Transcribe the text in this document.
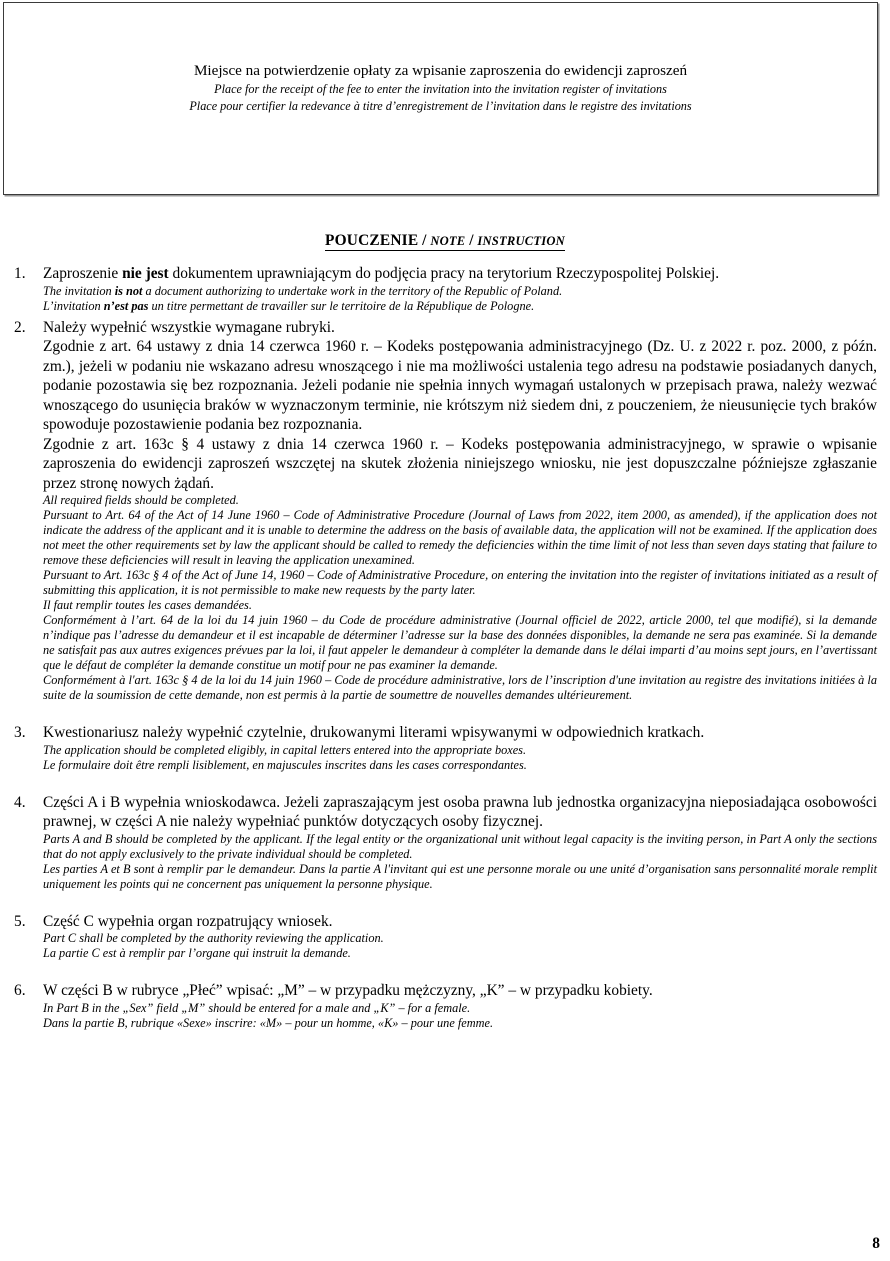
Miejsce na potwierdzenie opłaty za wpisanie zaproszenia do ewidencji zaproszeń
Place for the receipt of the fee to enter the invitation into the invitation register of invitations
Place pour certifier la redevance à titre d’enregistrement de l’invitation dans le registre des invitations
POUCZENIE / NOTE / INSTRUCTION
1.	Zaproszenie nie jest dokumentem uprawniającym do podjęcia pracy na terytorium Rzeczypospolitej Polskiej.
The invitation is not a document authorizing to undertake work in the territory of the Republic of Poland.
L’invitation n’est pas un titre permettant de travailler sur le territoire de la République de Pologne.
2.	Należy wypełnić wszystkie wymagane rubryki.
Zgodnie z art. 64 ustawy z dnia 14 czerwca 1960 r. – Kodeks postępowania administracyjnego (Dz. U. z 2022 r. poz. 2000, z późn. zm.), jeżeli w podaniu nie wskazano adresu wnoszącego i nie ma możliwości ustalenia tego adresu na podstawie posiadanych danych, podanie pozostawia się bez rozpoznania. Jeżeli podanie nie spełnia innych wymagań ustalonych w przepisach prawa, należy wezwać wnoszącego do usunięcia braków w wyznaczonym terminie, nie krótszym niż siedem dni, z pouczeniem, że nieusunięcie tych braków spowoduje pozostawienie podania bez rozpoznania.
Zgodnie z art. 163c § 4 ustawy z dnia 14 czerwca 1960 r. – Kodeks postępowania administracyjnego, w sprawie o wpisanie zaproszenia do ewidencji zaproszeń wszczętej na skutek złożenia niniejszego wniosku, nie jest dopuszczalne późniejsze zgłaszanie przez stronę nowych żądań.
All required fields should be completed.
Pursuant to Art. 64 of the Act of 14 June 1960 – Code of Administrative Procedure (Journal of Laws from 2022, item 2000, as amended), if the application does not indicate the address of the applicant and it is unable to determine the address on the basis of available data, the application will not be examined. If the application does not meet the other requirements set by law the applicant should be called to remedy the deficiencies within the time limit of not less than seven days stating that failure to remove these deficiencies will result in leaving the application unexamined.
Pursuant to Art. 163c § 4 of the Act of June 14, 1960 – Code of Administrative Procedure, on entering the invitation into the register of invitations initiated as a result of submitting this application, it is not permissible to make new requests by the party later.
Il faut remplir toutes les cases demandées.
Conformément à l’art. 64 de la loi du 14 juin 1960 – du Code de procédure administrative (Journal officiel de 2022, article 2000, tel que modifié), si la demande n’indique pas l’adresse du demandeur et il est incapable de déterminer l’adresse sur la base des données disponibles, la demande ne sera pas examinée. Si la demande ne satisfait pas aux autres exigences prévues par la loi, il faut appeler le demandeur à compléter la demande dans le délai imparti d’au moins sept jours, en l’avertissant que le défaut de compléter la demande constitue un motif pour ne pas examiner la demande.
Conformément à l'art. 163c § 4 de la loi du 14 juin 1960 – Code de procédure administrative, lors de l’inscription d'une invitation au registre des invitations initiées à la suite de la soumission de cette demande, non est permis à la partie de soumettre de nouvelles demandes ultérieurement.
3.	Kwestionariusz należy wypełnić czytelnie, drukowanymi literami wpisywanymi w odpowiednich kratkach.
The application should be completed eligibly, in capital letters entered into the appropriate boxes.
Le formulaire doit être rempli lisiblement, en majuscules inscrites dans les cases correspondantes.
4.	Części A i B wypełnia wnioskodawca. Jeżeli zapraszającym jest osoba prawna lub jednostka organizacyjna nieposiadająca osobowości prawnej, w części A nie należy wypełniać punktów dotyczących osoby fizycznej.
Parts A and B should be completed by the applicant. If the legal entity or the organizational unit without legal capacity is the inviting person, in Part A only the sections that do not apply exclusively to the private individual should be completed.
Les parties A et B sont à remplir par le demandeur. Dans la partie A l'invitant qui est une personne morale ou une unité d’organisation sans personnalité morale remplit uniquement les points qui ne concernent pas uniquement la personne physique.
5.	Część C wypełnia organ rozpatrujący wniosek.
Part C shall be completed by the authority reviewing the application.
La partie C est à remplir par l’organe qui instruit la demande.
6.	W części B w rubryce „Płeć” wpisać: „M” – w przypadku mężczyzny, „K” – w przypadku kobiety.
In Part B in the „Sex” field „M” should be entered for a male and „K” – for a female.
Dans la partie B, rubrique «Sexe» inscrire: «M» – pour un homme, «K» – pour une femme.
8
